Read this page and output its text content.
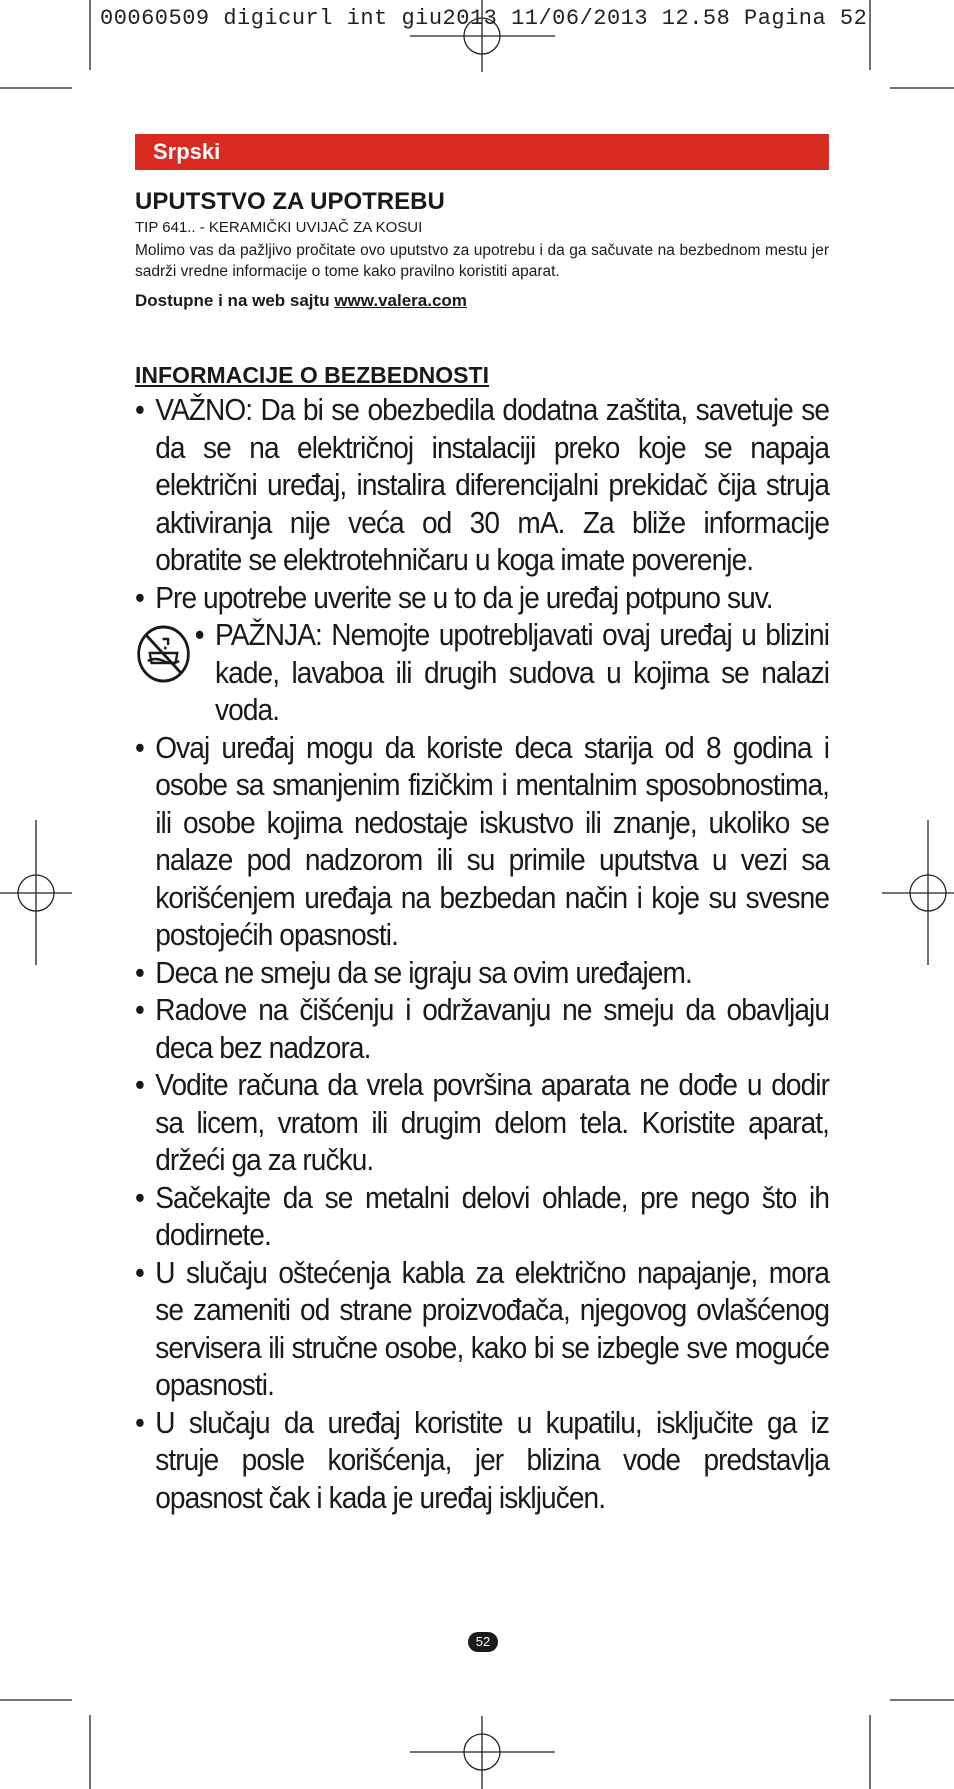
00060509 digicurl int giu2013 11/06/2013 12.58 Pagina 52
Srpski

UPUTSTVO ZA UPOTREBU

TIP 641.. - KERAMIČKI UVIJAČ ZA KOSUI

Molimo vas da pažljivo pročitate ovo uputstvo za upotrebu i da ga sačuvate na bezbednom mestu jer sadrži vredne informacije o tome kako pravilno koristiti aparat.

Dostupne i na web sajtu www.valera.com

INFORMACIJE O BEZBEDNOSTI

• VAŽNO: Da bi se obezbedila dodatna zaštita, savetuje se da se na električnoj instalaciji preko koje se napaja električni uređaj, instalira diferencijalni prekidač čija struja aktiviranja nije veća od 30 mA. Za bliže informacije obratite se elektrotehničaru u koga imate poverenje.
• Pre upotrebe uverite se u to da je uređaj potpuno suv.
• PAŽNJA: Nemojte upotrebljavati ovaj uređaj u blizini kade, lavaboa ili drugih sudova u kojima se nalazi voda.
• Ovaj uređaj mogu da koriste deca starija od 8 godina i osobe sa smanjenim fizičkim i mentalnim sposobnostima, ili osobe kojima nedostaje iskustvo ili znanje, ukoliko se nalaze pod nadzorom ili su primile uputstva u vezi sa korišćenjem uređaja na bezbedan način i koje su svesne postojećih opasnosti.
• Deca ne smeju da se igraju sa ovim uređajem.
• Radove na čišćenju i održavanju ne smeju da obavljaju deca bez nadzora.
• Vodite računa da vrela površina aparata ne dođe u dodir sa licem, vratom ili drugim delom tela. Koristite aparat, držeći ga za ručku.
• Sačekajte da se metalni delovi ohlade, pre nego što ih dodirnete.
• U slučaju oštećenja kabla za električno napajanje, mora se zameniti od strane proizvođača, njegovog ovlašćenog servisera ili stručne osobe, kako bi se izbegle sve moguće opasnosti.
• U slučaju da uređaj koristite u kupatilu, isključite ga iz struje posle korišćenja, jer blizina vode predstavlja opasnost čak i kada je uređaj isključen.
52
